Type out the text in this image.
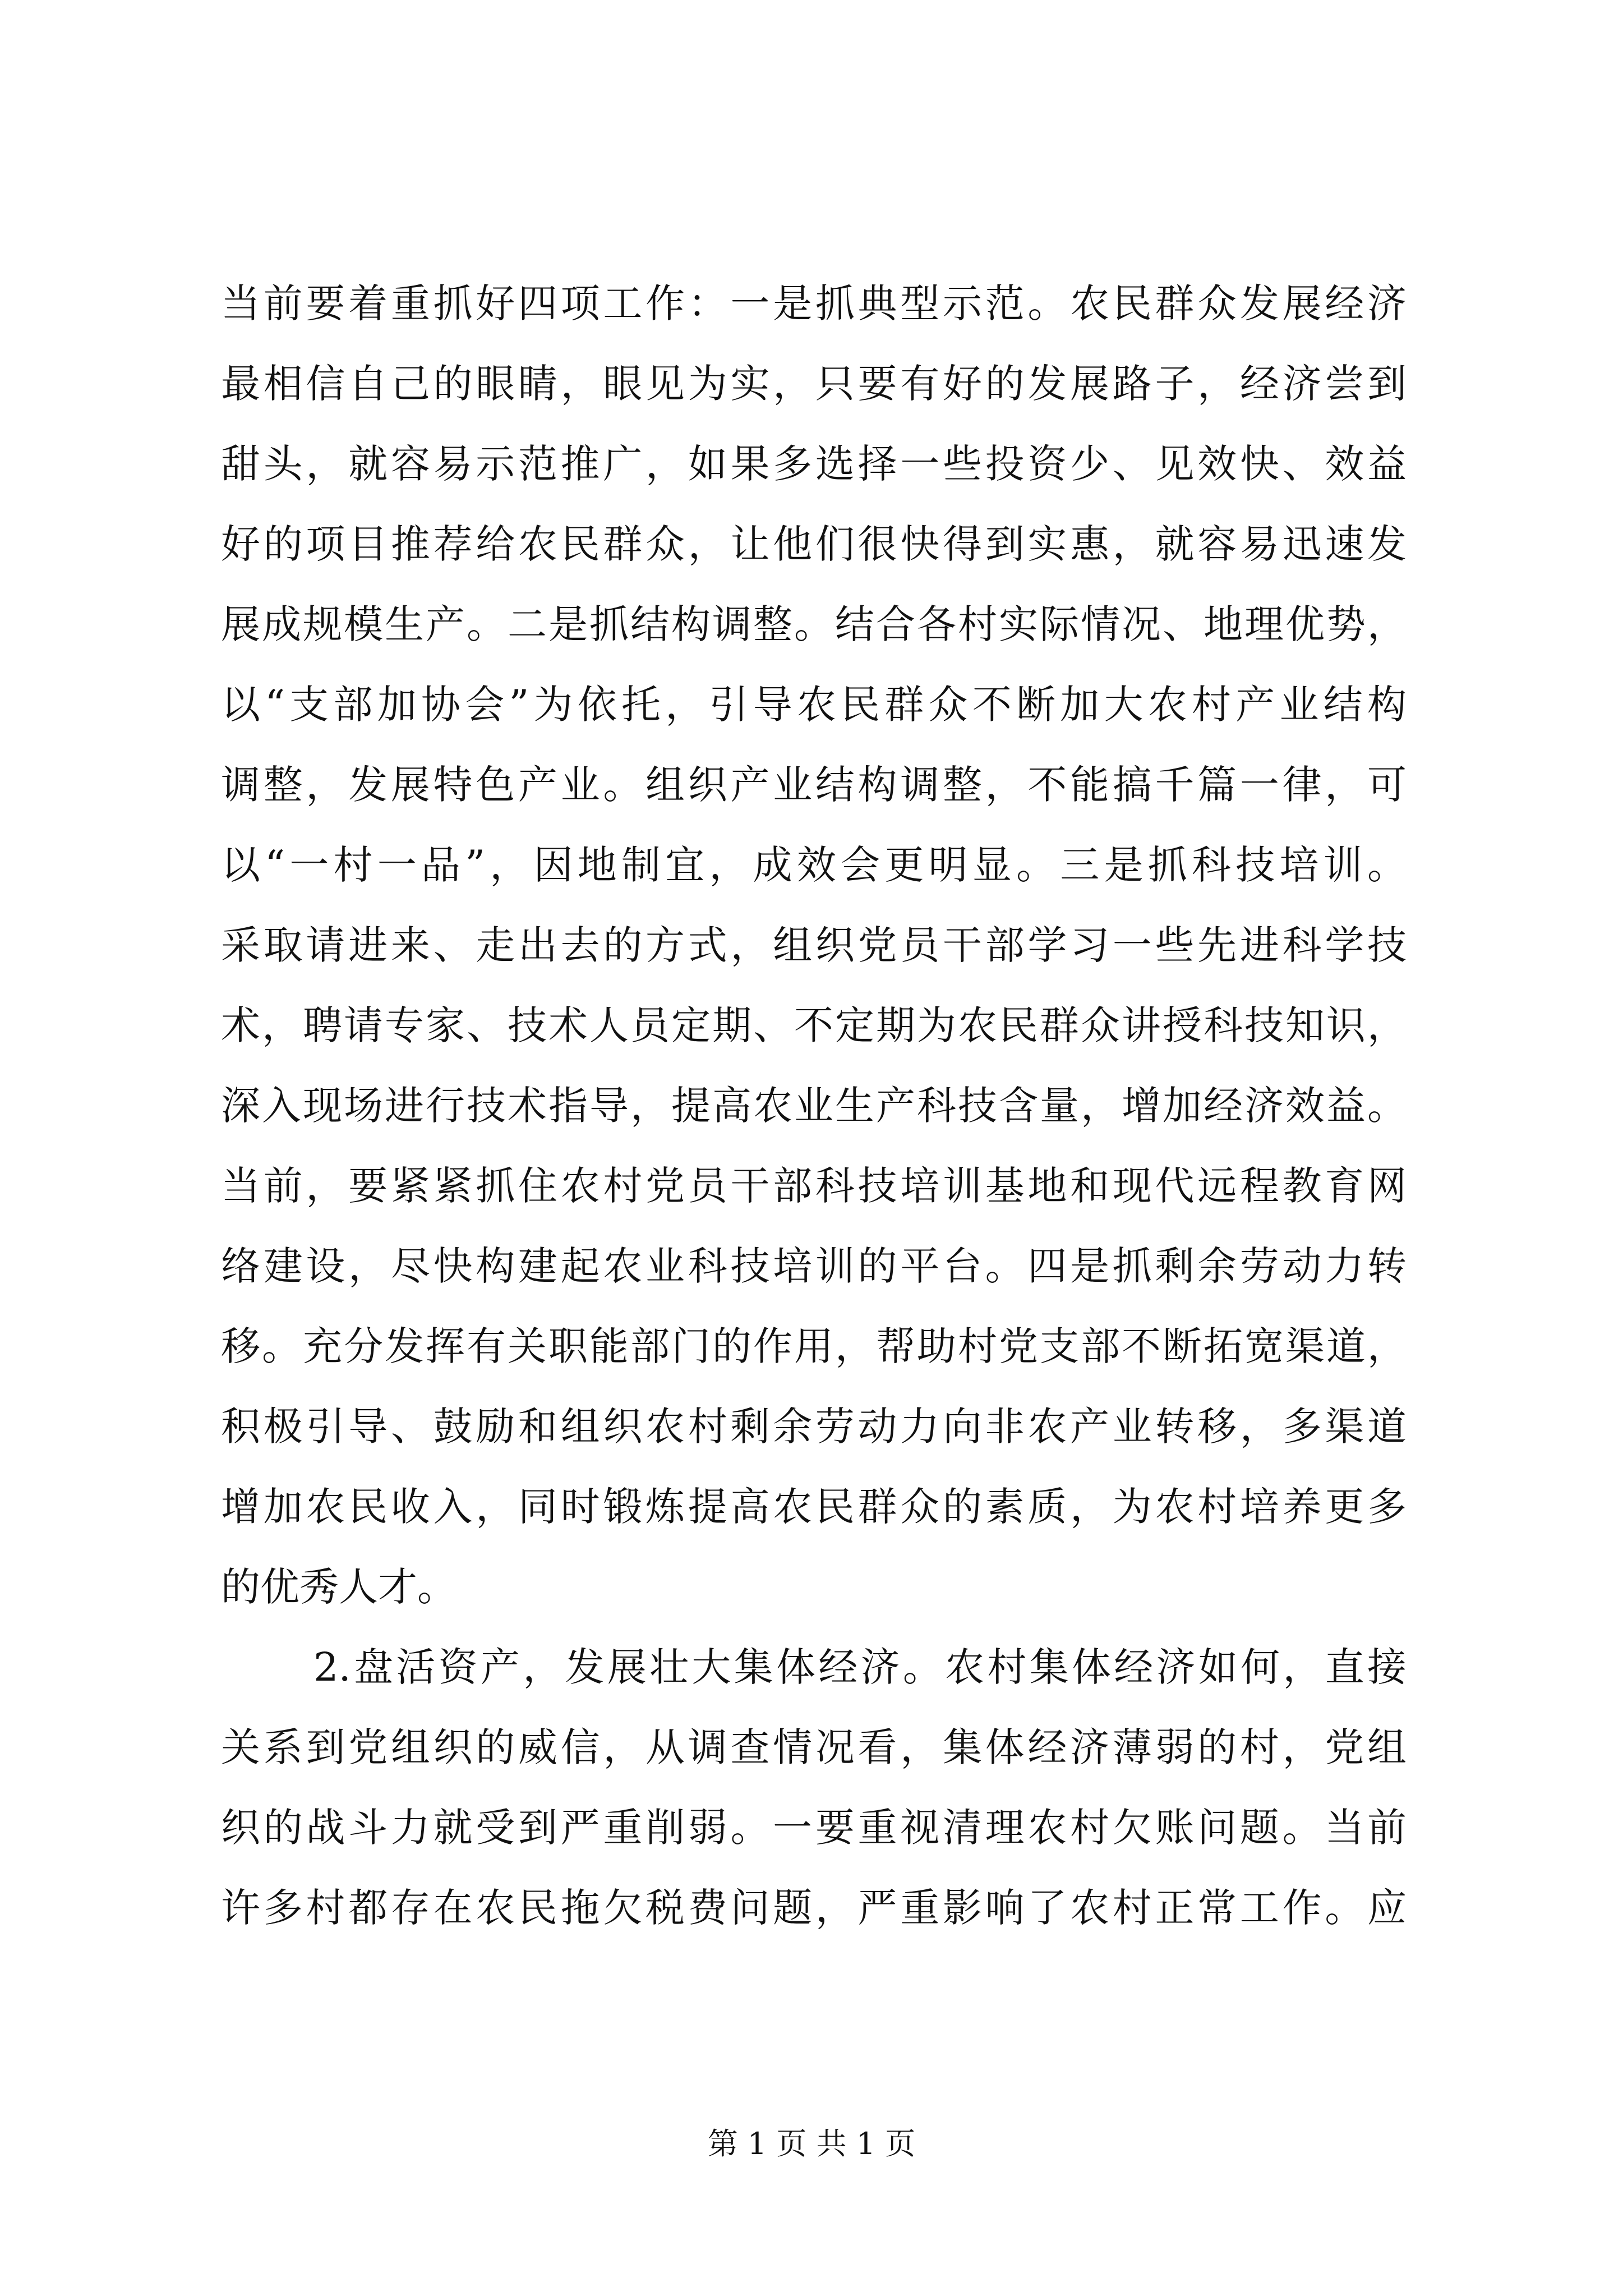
当前要着重抓好四项工作：一是抓典型示范。农民群众发展经济
最相信自己的眼睛，眼见为实，只要有好的发展路子，经济尝到
甜头，就容易示范推广，如果多选择一些投资少、见效快、效益
好的项目推荐给农民群众，让他们很快得到实惠，就容易迅速发
展成规模生产。二是抓结构调整。结合各村实际情况、地理优势，
以“支部加协会”为依托，引导农民群众不断加大农村产业结构
调整，发展特色产业。组织产业结构调整，不能搞千篇一律，可
以“一村一品”，因地制宜，成效会更明显。三是抓科技培训。
采取请进来、走出去的方式，组织党员干部学习一些先进科学技
术，聘请专家、技术人员定期、不定期为农民群众讲授科技知识，
深入现场进行技术指导，提高农业生产科技含量，增加经济效益。
当前，要紧紧抓住农村党员干部科技培训基地和现代远程教育网
络建设，尽快构建起农业科技培训的平台。四是抓剩余劳动力转
移。充分发挥有关职能部门的作用，帮助村党支部不断拓宽渠道，
积极引导、鼓励和组织农村剩余劳动力向非农产业转移，多渠道
增加农民收入，同时锻炼提高农民群众的素质，为农村培养更多
的优秀人才。
2.盘活资产，发展壮大集体经济。农村集体经济如何，直接
关系到党组织的威信，从调查情况看，集体经济薄弱的村，党组
织的战斗力就受到严重削弱。一要重视清理农村欠账问题。当前
许多村都存在农民拖欠税费问题，严重影响了农村正常工作。应
第 1 页 共 1 页
